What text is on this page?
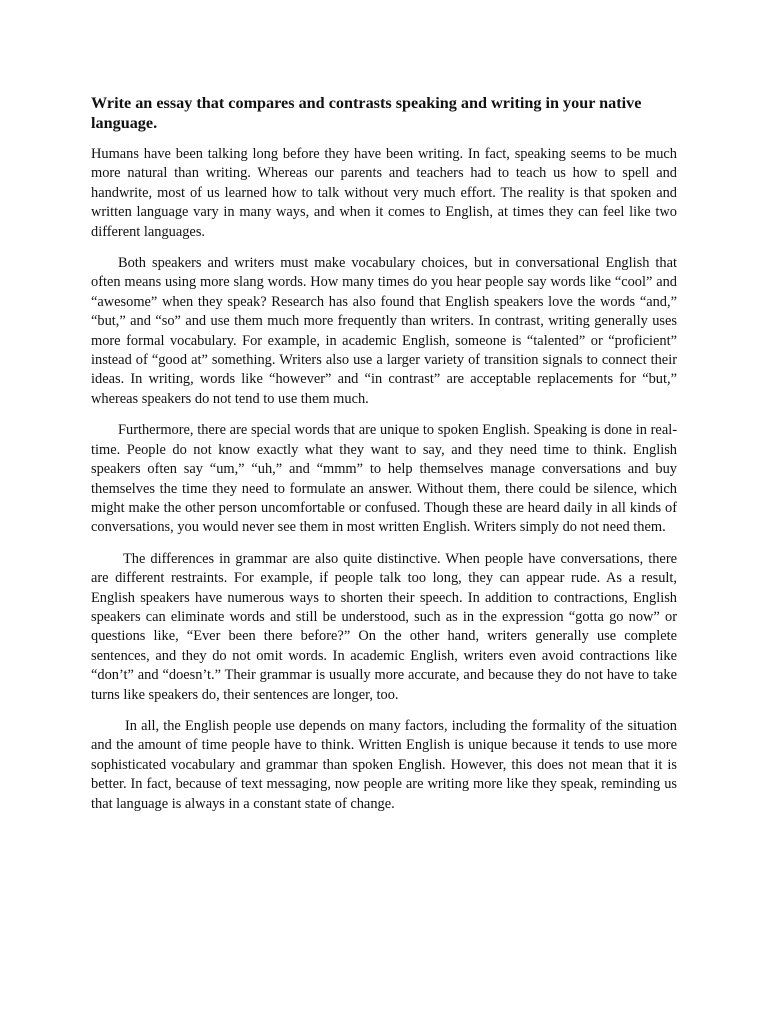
Write an essay that compares and contrasts speaking and writing in your native language.

Humans have been talking long before they have been writing. In fact, speaking seems to be much more natural than writing. Whereas our parents and teachers had to teach us how to spell and handwrite, most of us learned how to talk without very much effort. The reality is that spoken and written language vary in many ways, and when it comes to English, at times they can feel like two different languages.

Both speakers and writers must make vocabulary choices, but in conversational English that often means using more slang words. How many times do you hear people say words like “cool” and “awesome” when they speak? Research has also found that English speakers love the words “and,” “but,” and “so” and use them much more frequently than writers. In contrast, writing generally uses more formal vocabulary. For example, in academic English, someone is “talented” or “proficient” instead of “good at” something. Writers also use a larger variety of transition signals to connect their ideas. In writing, words like “however” and “in contrast” are acceptable replacements for “but,” whereas speakers do not tend to use them much.

Furthermore, there are special words that are unique to spoken English. Speaking is done in real-time. People do not know exactly what they want to say, and they need time to think. English speakers often say “um,” “uh,” and “mmm” to help themselves manage conversations and buy themselves the time they need to formulate an answer. Without them, there could be silence, which might make the other person uncomfortable or confused. Though these are heard daily in all kinds of conversations, you would never see them in most written English. Writers simply do not need them.

The differences in grammar are also quite distinctive. When people have conversations, there are different restraints. For example, if people talk too long, they can appear rude. As a result, English speakers have numerous ways to shorten their speech. In addition to contractions, English speakers can eliminate words and still be understood, such as in the expression “gotta go now” or questions like, “Ever been there before?” On the other hand, writers generally use complete sentences, and they do not omit words. In academic English, writers even avoid contractions like “don’t” and “doesn’t.” Their grammar is usually more accurate, and because they do not have to take turns like speakers do, their sentences are longer, too.

In all, the English people use depends on many factors, including the formality of the situation and the amount of time people have to think. Written English is unique because it tends to use more sophisticated vocabulary and grammar than spoken English. However, this does not mean that it is better. In fact, because of text messaging, now people are writing more like they speak, reminding us that language is always in a constant state of change.
